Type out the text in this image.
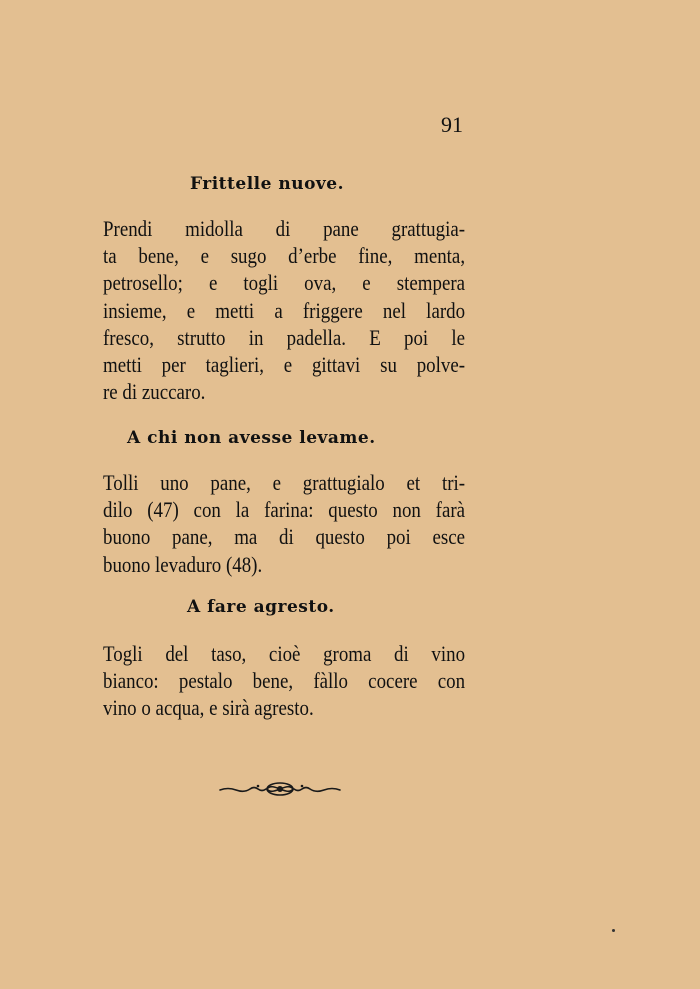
91
Frittelle nuove.
Prendi midolla di pane grattugia-
ta bene, e sugo d’erbe fine, menta,
petrosello; e togli ova, e stempera
insieme, e metti a friggere nel lardo
fresco, strutto in padella. E poi le
metti per taglieri, e gittavi su polve-
re di zuccaro.
A chi non avesse levame.
Tolli uno pane, e grattugialo et tri-
dilo (47) con la farina: questo non farà
buono pane, ma di questo poi esce
buono levaduro (48).
A fare agresto.
Togli del taso, cioè groma di vino
bianco: pestalo bene, fàllo cocere con
vino o acqua, e sirà agresto.
